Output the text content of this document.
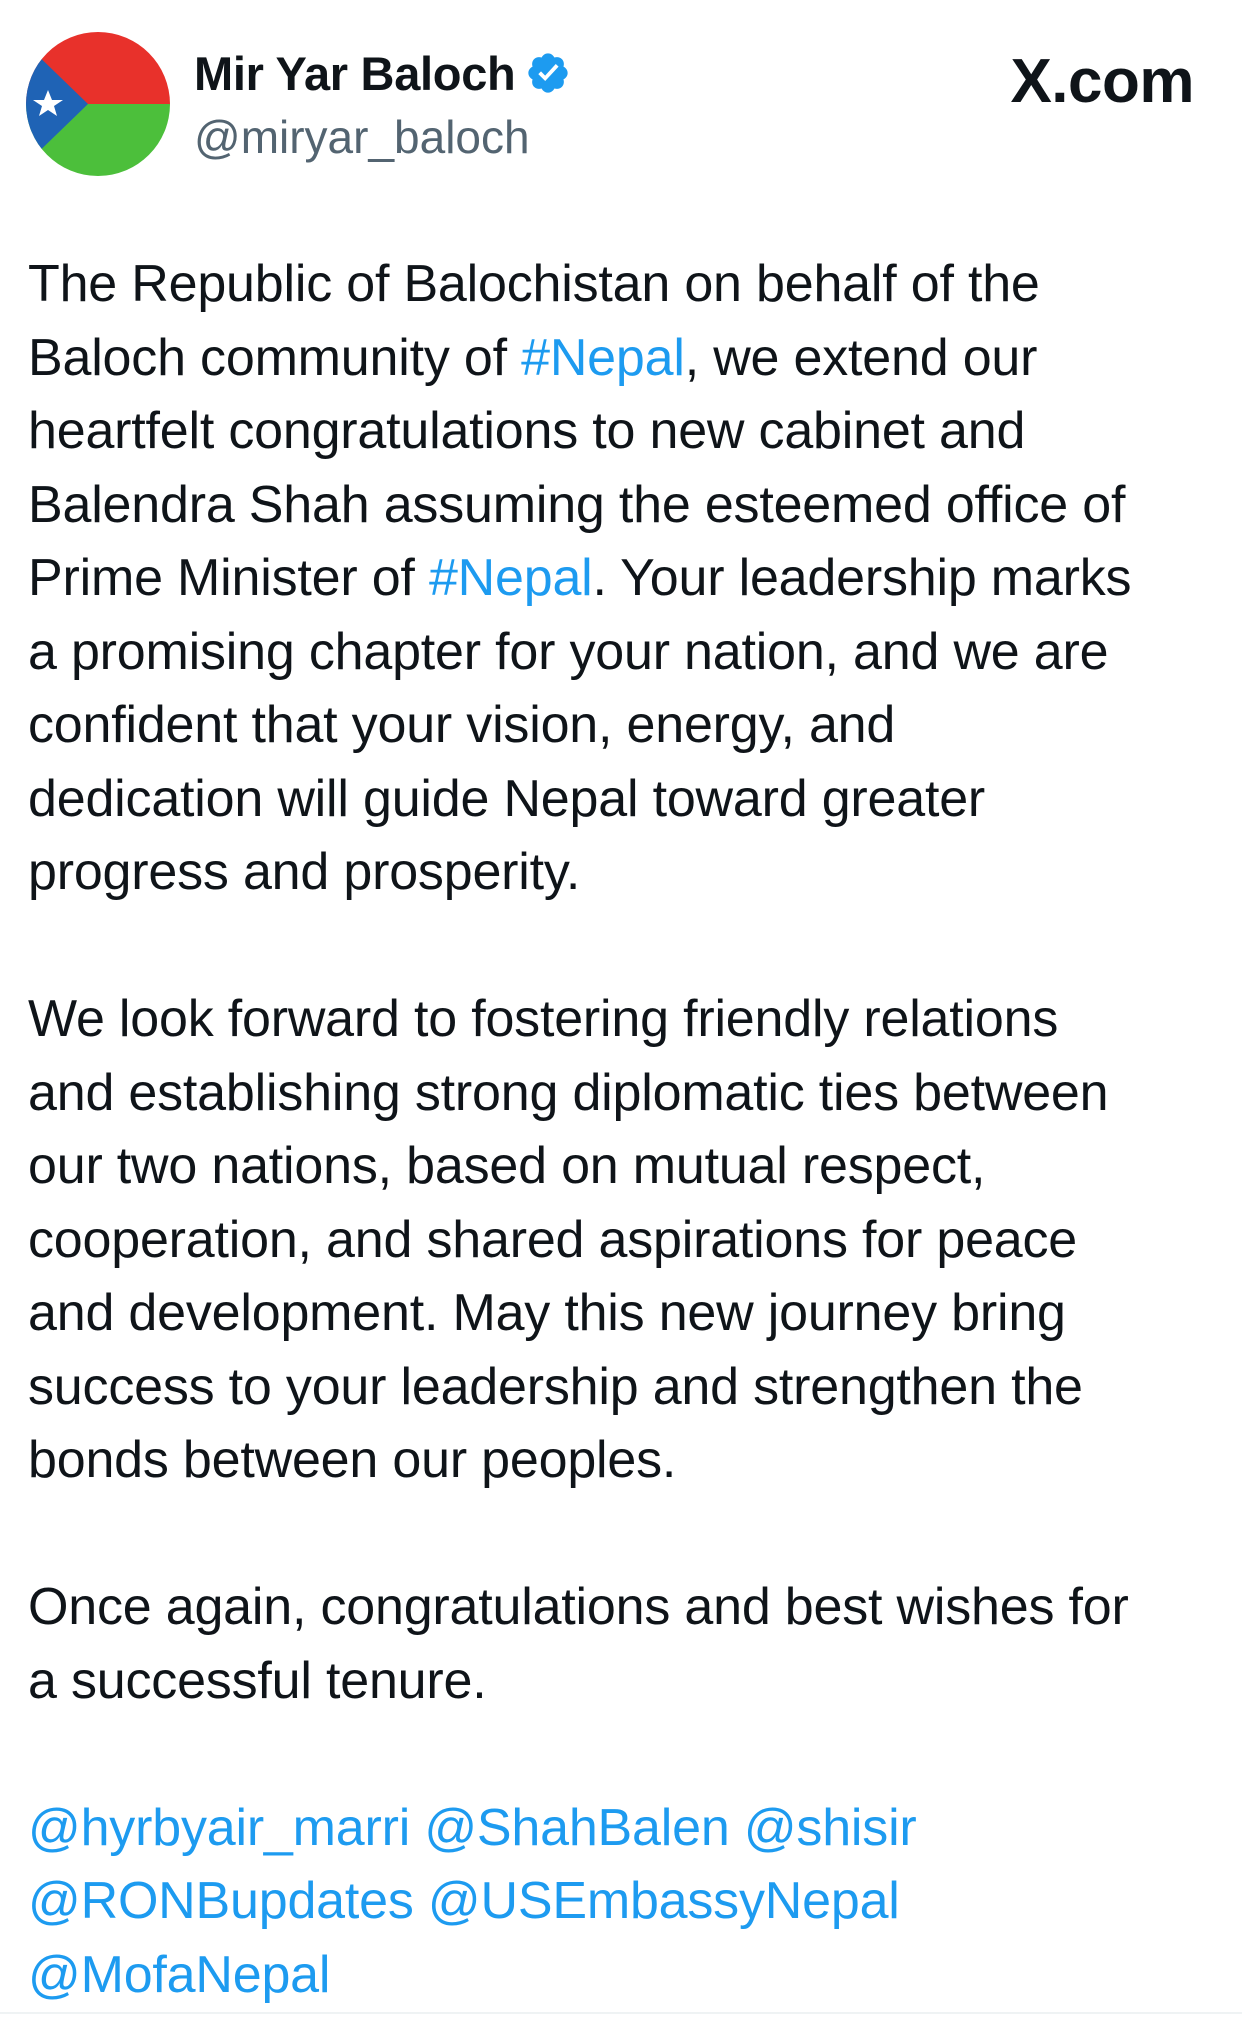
Mir Yar Baloch
@miryar_baloch
X.com

The Republic of Balochistan on behalf of the
Baloch community of #Nepal, we extend our
heartfelt congratulations to new cabinet and
Balendra Shah assuming the esteemed office of
Prime Minister of #Nepal. Your leadership marks
a promising chapter for your nation, and we are
confident that your vision, energy, and
dedication will guide Nepal toward greater
progress and prosperity.

We look forward to fostering friendly relations
and establishing strong diplomatic ties between
our two nations, based on mutual respect,
cooperation, and shared aspirations for peace
and development. May this new journey bring
success to your leadership and strengthen the
bonds between our peoples.

Once again, congratulations and best wishes for
a successful tenure.

@hyrbyair_marri @ShahBalen @shisir
@RONBupdates @USEmbassyNepal
@MofaNepal
